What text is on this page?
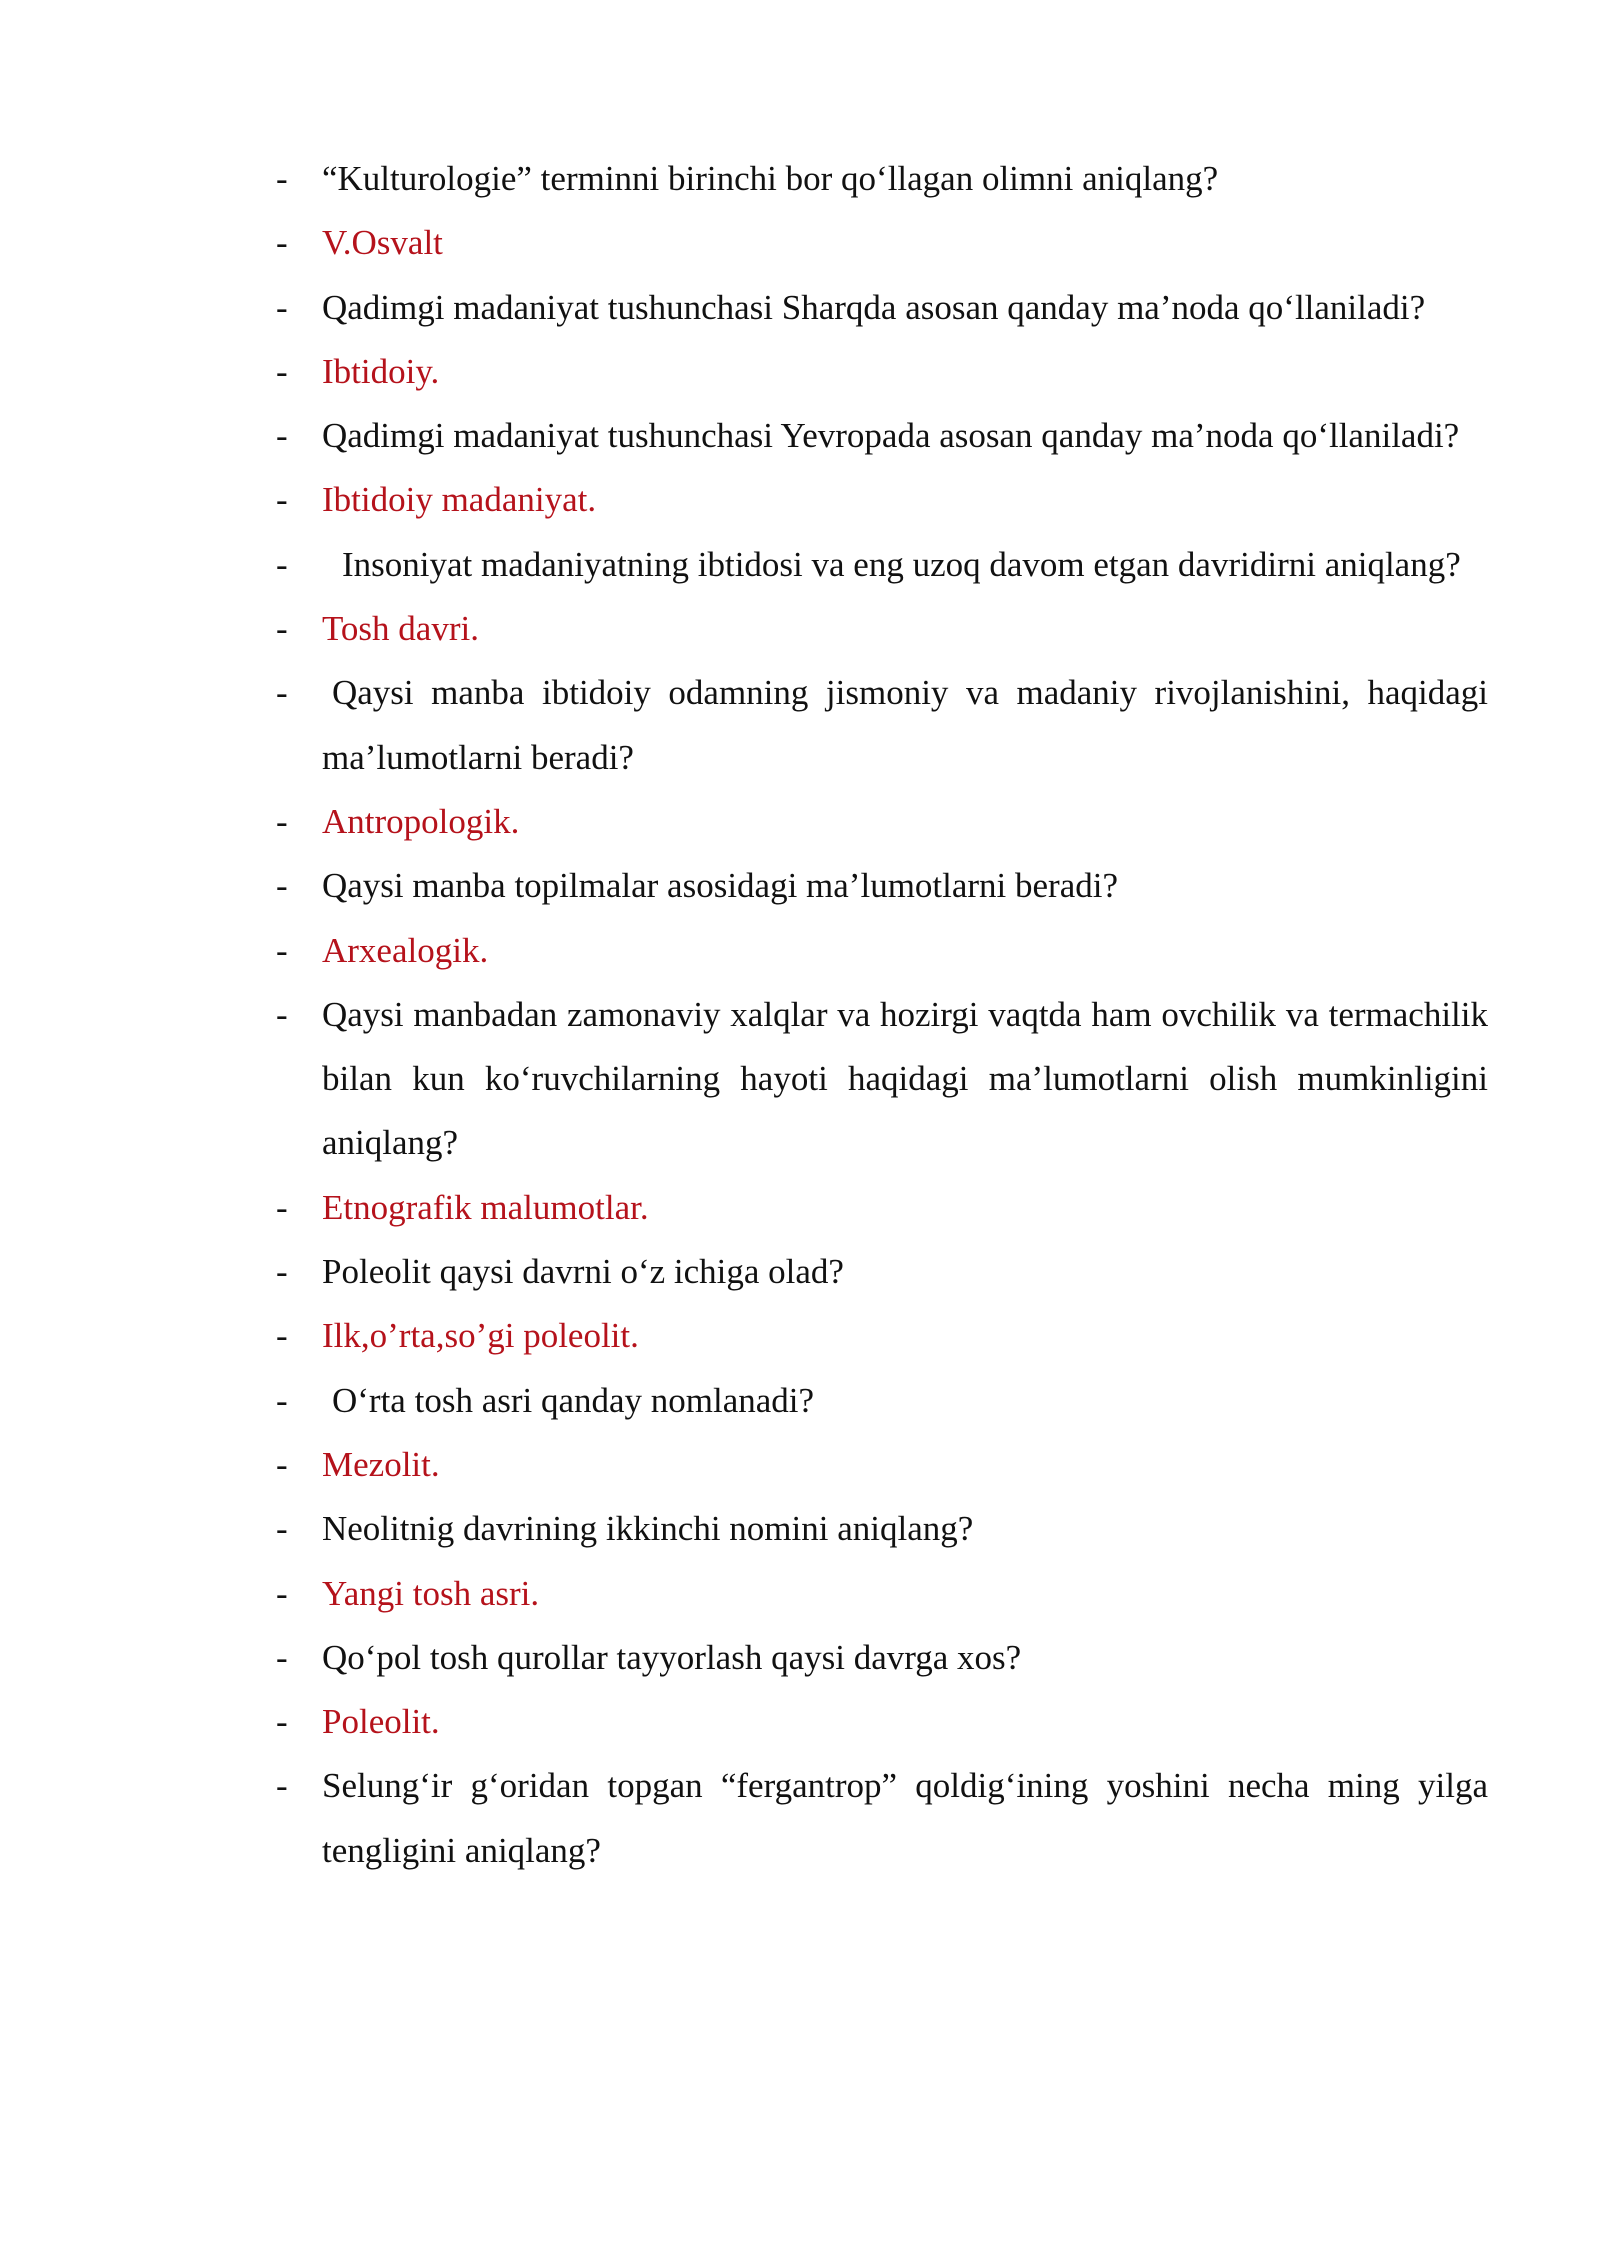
- “Kulturologie” terminni birinchi bor qo‘llagan olimni aniqlang?
- V.Osvalt
- Qadimgi madaniyat tushunchasi Sharqda asosan qanday ma’noda qo‘llaniladi?
- Ibtidoiy.
- Qadimgi madaniyat tushunchasi Yevropada asosan qanday ma’noda qo‘llaniladi?
- Ibtidoiy madaniyat.
-	Insoniyat madaniyatning ibtidosi va eng uzoq davom etgan davridirni aniqlang?
- Tosh davri.
- Qaysi manba ibtidoiy odamning jismoniy va madaniy rivojlanishini, haqidagi ma’lumotlarni beradi?
- Antropologik.
- Qaysi manba topilmalar asosidagi ma’lumotlarni beradi?
- Arxealogik.
- Qaysi manbadan zamonaviy xalqlar va hozirgi vaqtda ham ovchilik va termachilik bilan kun ko‘ruvchilarning hayoti haqidagi ma’lumotlarni olish mumkinligini aniqlang?
- Etnografik malumotlar.
- Poleolit qaysi davrni o‘z ichiga olad?
- Ilk,o’rta,so’gi poleolit.
- O‘rta tosh asri qanday nomlanadi?
- Mezolit.
- Neolitnig davrining ikkinchi nomini aniqlang?
- Yangi tosh asri.
- Qo‘pol tosh qurollar tayyorlash qaysi davrga xos?
- Poleolit.
- Selung‘ir g‘oridan topgan “fergantrop” qoldig‘ining yoshini necha ming yilga tengligini aniqlang?
